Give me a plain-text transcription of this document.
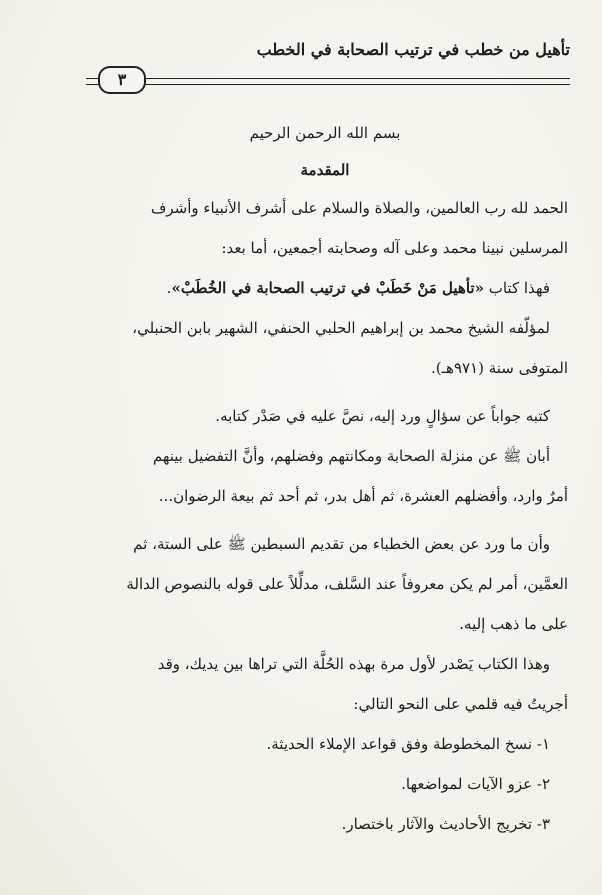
تأهيل من خطب في ترتيب الصحابة في الخطب
٣
بسم الله الرحمن الرحيم
المقدمة
الحمد لله رب العالمين، والصلاة والسلام على أشرف الأنبياء وأشرف
المرسلين نبينا محمد وعلى آله وصحابته أجمعين، أما بعد:
فهذا كتاب «تأهيل مَنْ خَطَبْ في ترتيب الصحابة في الخُطَبْ».
لمؤلّفه الشيخ محمد بن إبراهيم الحلبي الحنفي، الشهير بابن الحنبلي،
المتوفى سنة (٩٧١هـ).
كتبه جواباً عن سؤالٍ ورد إليه، نصَّ عليه في صَدْر كتابه.
أبان ﷺ عن منزلة الصحابة ومكانتهم وفضلهم، وأنَّ التفضيل بينهم
أمرٌ وارد، وأفضلهم العشرة، ثم أهل بدر، ثم أحد ثم بيعة الرضوان...
وأن ما ورد عن بعض الخطباء من تقديم السبطين ﷺ على الستة، ثم
العمَّين، أمر لم يكن معروفاً عند السَّلف، مدلِّلاً على قوله بالنصوص الدالة
على ما ذهب إليه.
وهذا الكتاب يَصْدر لأول مرة بهذه الحُلَّة التي تراها بين يديك، وقد
أجريتُ فيه قلمي على النحو التالي:
١- نسخ المخطوطة وفق قواعد الإملاء الحديثة.
٢- عزو الآيات لمواضعها.
٣- تخريج الأحاديث والآثار باختصار.
